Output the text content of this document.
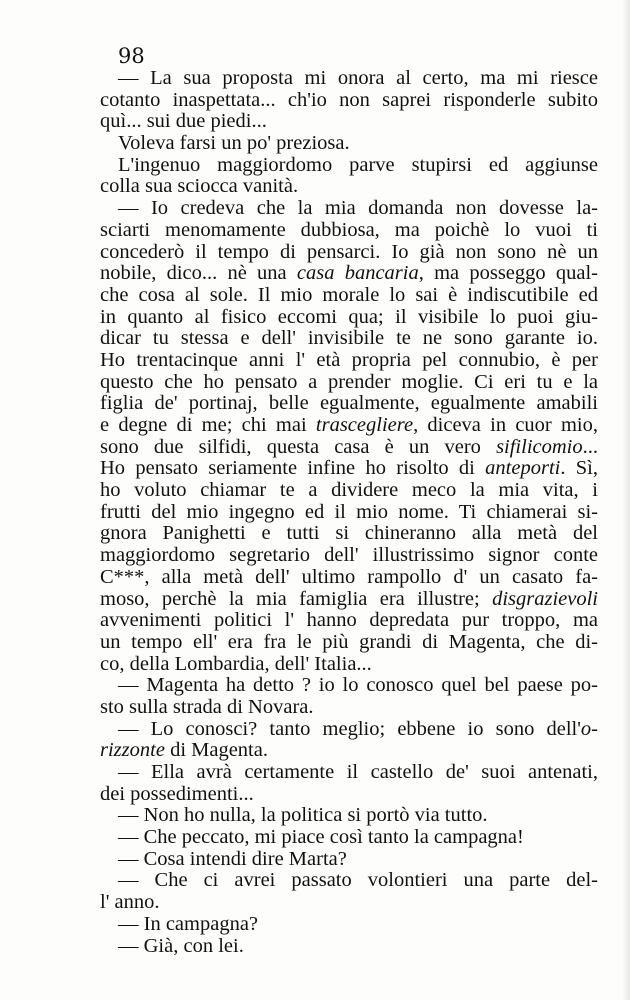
98
— La sua proposta mi onora al certo, ma mi riesce
cotanto inaspettata... ch'io non saprei risponderle subito
quì... sui due piedi...
Voleva farsi un po' preziosa.
L'ingenuo maggiordomo parve stupirsi ed aggiunse
colla sua sciocca vanità.
— Io credeva che la mia domanda non dovesse la-
sciarti menomamente dubbiosa, ma poichè lo vuoi ti
concederò il tempo di pensarci. Io già non sono nè un
nobile, dico... nè una casa bancaria, ma posseggo qual-
che cosa al sole. Il mio morale lo sai è indiscutibile ed
in quanto al fisico eccomi qua; il visibile lo puoi giu-
dicar tu stessa e dell' invisibile te ne sono garante io.
Ho trentacinque anni l' età propria pel connubio, è per
questo che ho pensato a prender moglie. Ci eri tu e la
figlia de' portinaj, belle egualmente, egualmente amabili
e degne di me; chi mai trascegliere, diceva in cuor mio,
sono due silfidi, questa casa è un vero sifilicomio...
Ho pensato seriamente infine ho risolto di anteporti. Sì,
ho voluto chiamar te a dividere meco la mia vita, i
frutti del mio ingegno ed il mio nome. Ti chiamerai si-
gnora Panighetti e tutti si chineranno alla metà del
maggiordomo segretario dell' illustrissimo signor conte
C***, alla metà dell' ultimo rampollo d' un casato fa-
moso, perchè la mia famiglia era illustre; disgrazievoli
avvenimenti politici l' hanno depredata pur troppo, ma
un tempo ell' era fra le più grandi di Magenta, che di-
co, della Lombardia, dell' Italia...
— Magenta ha detto ? io lo conosco quel bel paese po-
sto sulla strada di Novara.
— Lo conosci? tanto meglio; ebbene io sono dell'o-
rizzonte di Magenta.
— Ella avrà certamente il castello de' suoi antenati,
dei possedimenti...
— Non ho nulla, la politica si portò via tutto.
— Che peccato, mi piace così tanto la campagna!
— Cosa intendi dire Marta?
— Che ci avrei passato volontieri una parte del-
l' anno.
— In campagna?
— Già, con lei.
